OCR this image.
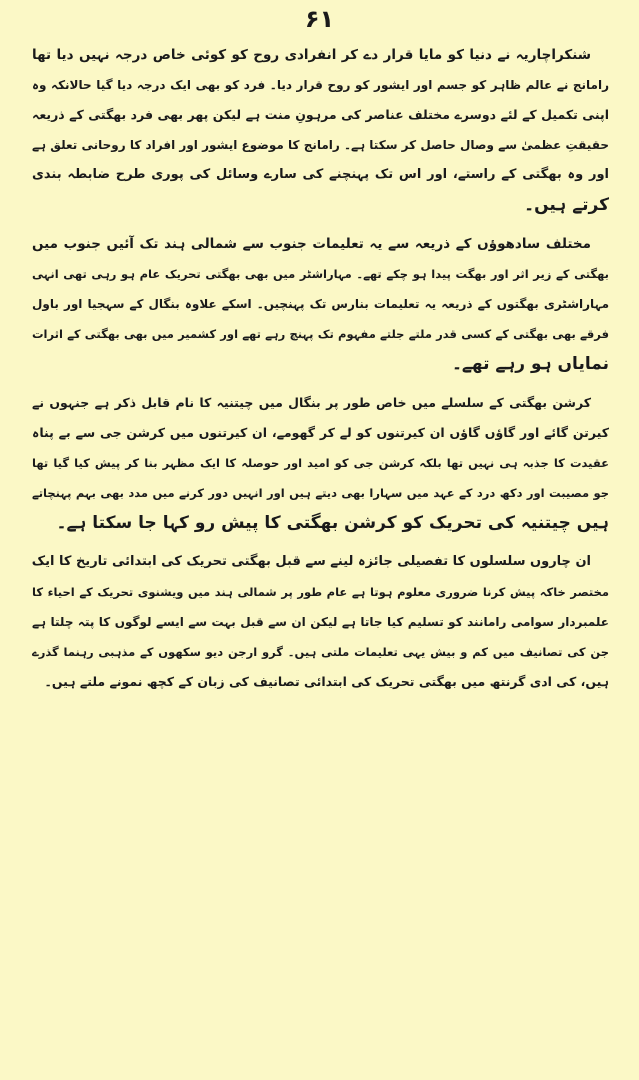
۶۱
شنکراچاریہ نے دنیا کو مایا قرار دے کر انفرادی روح کو کوئی خاص درجہ نہیں دیا تھا
رامانج نے عالم ظاہر کو جسم اور ایشور کو روح قرار دیا۔ فرد کو بھی ایک درجہ دیا گیا حالانکہ وہ
اپنی تکمیل کے لئے دوسرے مختلف عناصر کی مرہونِ منت ہے لیکن پھر بھی فرد بھگتی کے ذریعہ
حقیقتِ عظمیٰ سے وصال حاصل کر سکتا ہے۔ رامانج کا موضوع ایشور اور افراد کا روحانی تعلق ہے
اور وہ بھگتی کے راستے، اور اس تک پہنچنے کی سارے وسائل کی پوری طرح ضابطہ بندی
کرتے ہیں۔
مختلف سادھوؤں کے ذریعہ سے یہ تعلیمات جنوب سے شمالی ہند تک آئیں جنوب میں
بھگتی کے زیر اثر اور بھگت پیدا ہو چکے تھے۔ مہاراشٹر میں بھی بھگتی تحریک عام ہو رہی تھی انہی
مہاراشٹری بھگتوں کے ذریعہ یہ تعلیمات بنارس تک پہنچیں۔ اسکے علاوہ بنگال کے سہجیا اور باول
فرقے بھی بھگتی کے کسی قدر ملتے جلتے مفہوم تک پہنچ رہے تھے اور کشمیر میں بھی بھگتی کے اثرات
نمایاں ہو رہے تھے۔
کرشن بھگتی کے سلسلے میں خاص طور پر بنگال میں چیتنیہ کا نام قابل ذکر ہے جنہوں نے
کیرتن گائے اور گاؤں گاؤں ان کیرتنوں کو لے کر گھومے، ان کیرتنوں میں کرشن جی سے بے پناہ
عقیدت کا جذبہ ہی نہیں تھا بلکہ کرشن جی کو امید اور حوصلہ کا ایک مظہر بنا کر پیش کیا گیا تھا
جو مصیبت اور دکھ درد کے عہد میں سہارا بھی دیتے ہیں اور انہیں دور کرنے میں مدد بھی بہم پہنچاتے
ہیں چیتنیہ کی تحریک کو کرشن بھگتی کا پیش رو کہا جا سکتا ہے۔
ان چاروں سلسلوں کا تفصیلی جائزہ لینے سے قبل بھگتی تحریک کی ابتدائی تاریخ کا ایک
مختصر خاکہ پیش کرنا ضروری معلوم ہوتا ہے عام طور پر شمالی ہند میں ویشنوی تحریک کے احیاء کا
علمبردار سوامی رامانند کو تسلیم کیا جاتا ہے لیکن ان سے قبل بہت سے ایسے لوگوں کا پتہ چلتا ہے
جن کی تصانیف میں کم و بیش یہی تعلیمات ملتی ہیں۔ گرو ارجن دیو سکھوں کے مذہبی رہنما گذرے
ہیں، کی ادی گرنتھ میں بھگتی تحریک کی ابتدائی تصانیف کی زبان کے کچھ نمونے ملتے ہیں۔
